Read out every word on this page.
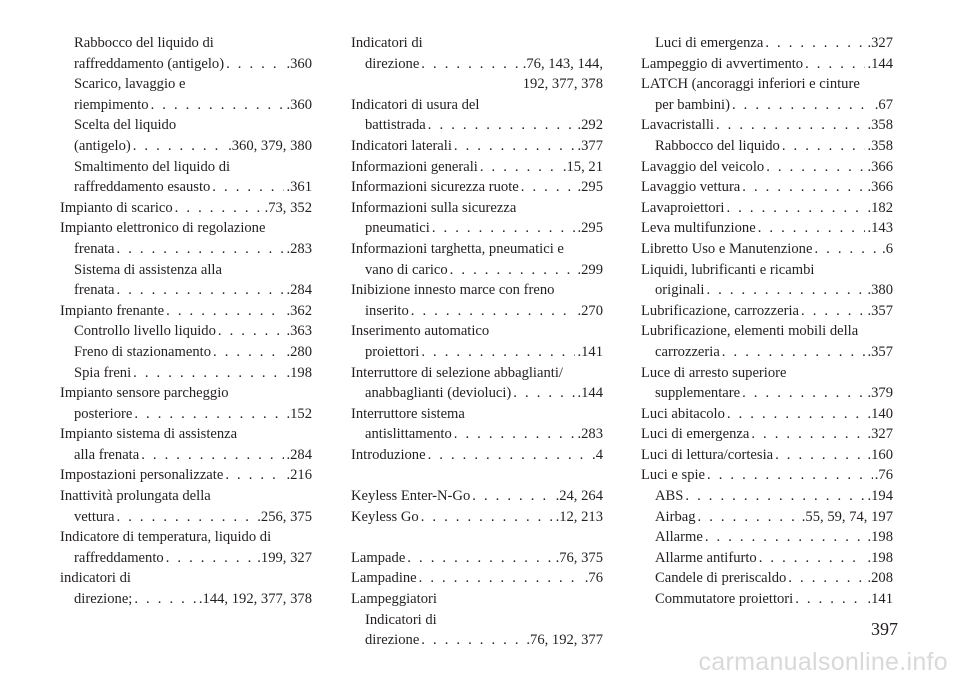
Rabbocco del liquido di
raffreddamento (antigelo) . . .	.360
Scarico, lavaggio e
riempimento . . .	.360
Scelta del liquido
(antigelo) . . .	.360, 379, 380
Smaltimento del liquido di
raffreddamento esausto . . .	.361
Impianto di scarico . . .	.73, 352
Impianto elettronico di regolazione
frenata . . .	.283
Sistema di assistenza alla
frenata . . .	.284
Impianto frenante . . .	.362
Controllo livello liquido . . .	.363
Freno di stazionamento . . .	.280
Spia freni . . .	.198
Impianto sensore parcheggio
posteriore . . .	.152
Impianto sistema di assistenza
alla frenata . . .	.284
Impostazioni personalizzate . . .	.216
Inattività prolungata della
vettura . . .	.256, 375
Indicatore di temperatura, liquido di
raffreddamento . . .	.199, 327
indicatori di
direzione; . . .	.144, 192, 377, 378
Indicatori di
direzione . . .	.76, 143, 144,
192, 377, 378
Indicatori di usura del
battistrada . . .	.292
Indicatori laterali . . .	.377
Informazioni generali . . .	.15, 21
Informazioni sicurezza ruote . . .	.295
Informazioni sulla sicurezza
pneumatici . . .	.295
Informazioni targhetta, pneumatici e
vano di carico . . .	.299
Inibizione innesto marce con freno
inserito . . .	.270
Inserimento automatico
proiettori . . .	.141
Interruttore di selezione abbaglianti/
anabbaglianti (devioluci) . . .	.144
Interruttore sistema
antislittamento . . .	.283
Introduzione . . .	.4
Keyless Enter-N-Go . . .	.24, 264
Keyless Go . . .	.12, 213
Lampade . . .	.76, 375
Lampadine . . .	.76
Lampeggiatori
Indicatori di
direzione . . .	.76, 192, 377
Luci di emergenza . . .	.327
Lampeggio di avvertimento . . .	.144
LATCH (ancoraggi inferiori e cinture
per bambini) . . .	.67
Lavacristalli . . .	.358
Rabbocco del liquido . . .	.358
Lavaggio del veicolo . . .	.366
Lavaggio vettura . . .	.366
Lavaproiettori . . .	.182
Leva multifunzione . . .	.143
Libretto Uso e Manutenzione . . .	.6
Liquidi, lubrificanti e ricambi
originali . . .	.380
Lubrificazione, carrozzeria . . .	.357
Lubrificazione, elementi mobili della
carrozzeria . . .	.357
Luce di arresto superiore
supplementare . . .	.379
Luci abitacolo . . .	.140
Luci di emergenza . . .	.327
Luci di lettura/cortesia . . .	.160
Luci e spie . . .	.76
ABS . . .	.194
Airbag . . .	.55, 59, 74, 197
Allarme . . .	.198
Allarme antifurto . . .	.198
Candele di preriscaldo . . .	.208
Commutatore proiettori . . .	.141
397
carmanualsonline.info
